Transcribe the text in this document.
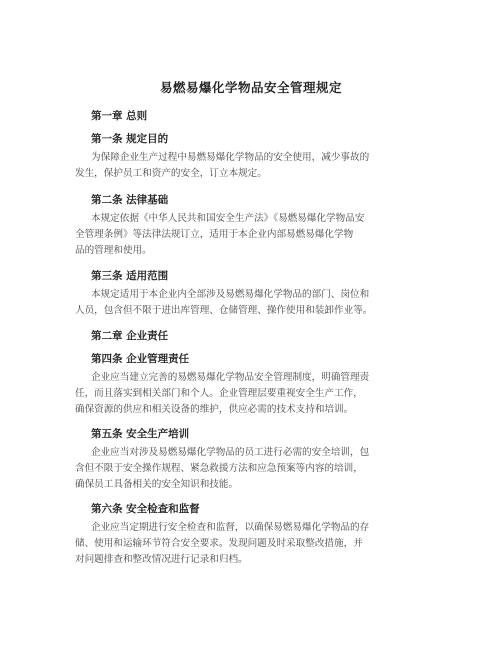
易燃易爆化学物品安全管理规定
第一章 总则
第一条 规定目的
为保障企业生产过程中易燃易爆化学物品的安全使用，减少事故的
发生，保护员工和资产的安全，订立本规定。
第二条 法律基础
本规定依据《中华人民共和国安全生产法》《易燃易爆化学物品安
全管理条例》等法律法规订立，适用于本企业内部易燃易爆化学物
品的管理和使用。
第三条 适用范围
本规定适用于本企业内全部涉及易燃易爆化学物品的部门、岗位和
人员，包含但不限于进出库管理、仓储管理、操作使用和装卸作业等。
第二章 企业责任
第四条 企业管理责任
企业应当建立完善的易燃易爆化学物品安全管理制度，明确管理责
任，而且落实到相关部门和个人。企业管理层要重视安全生产工作，
确保资源的供应和相关设备的维护，供应必需的技术支持和培训。
第五条 安全生产培训
企业应当对涉及易燃易爆化学物品的员工进行必需的安全培训，包
含但不限于安全操作规程、紧急救援方法和应急预案等内容的培训，
确保员工具备相关的安全知识和技能。
第六条 安全检查和监督
企业应当定期进行安全检查和监督，以确保易燃易爆化学物品的存
储、使用和运输环节符合安全要求。发现问题及时采取整改措施，并
对问题排查和整改情况进行记录和归档。
